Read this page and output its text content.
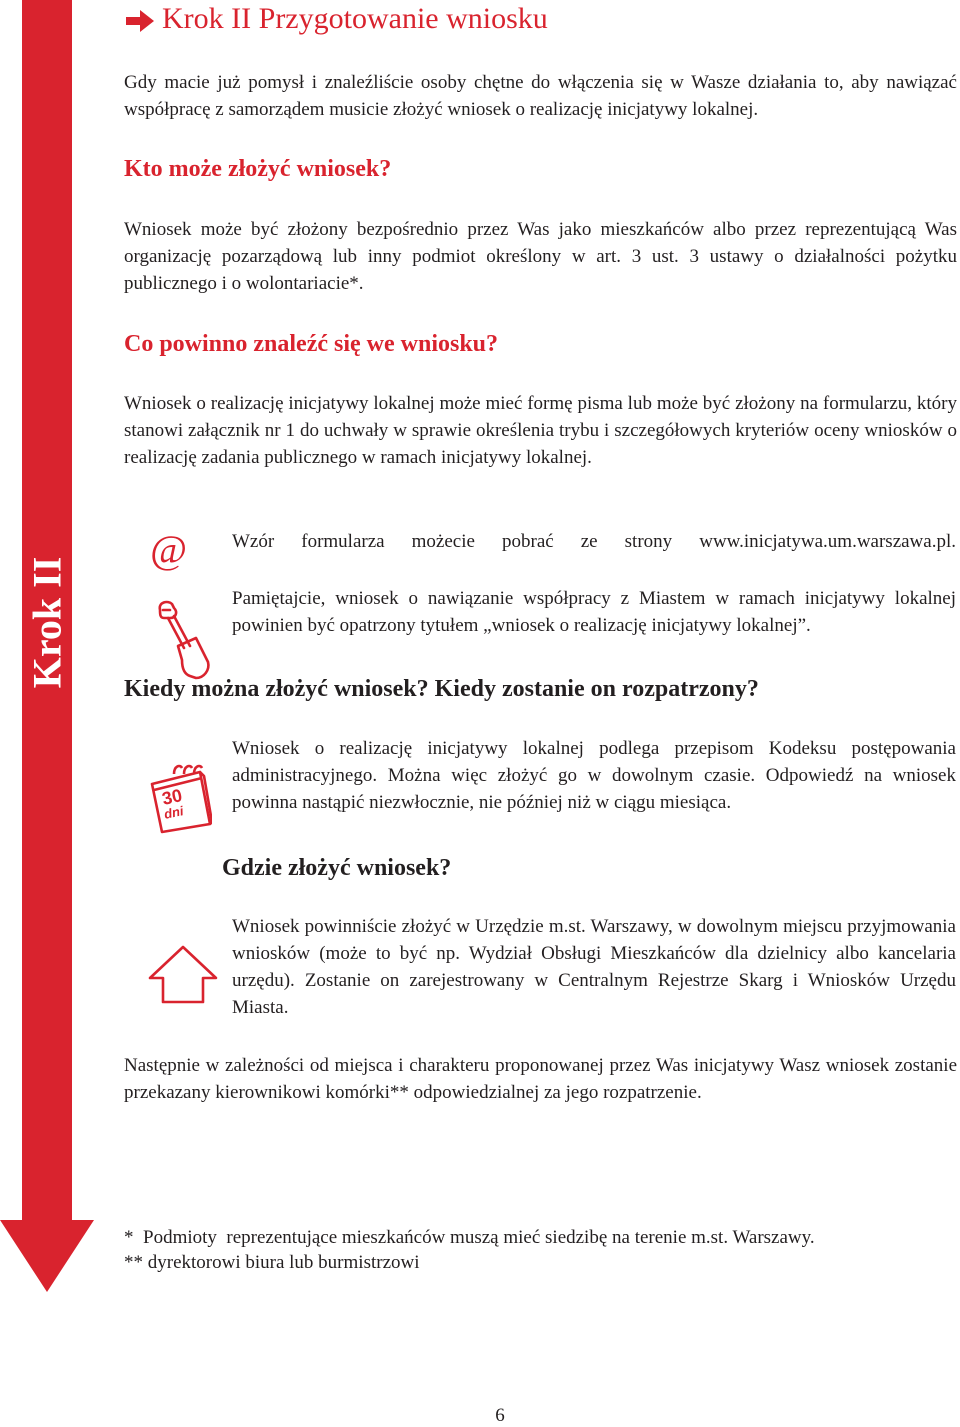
Krok II
Krok II Przygotowanie wniosku
Gdy macie już pomysł i znaleźliście osoby chętne do włączenia się w Wasze działania to, aby nawiązać współpracę z samorządem musicie złożyć wniosek o realizację inicjatywy lokalnej.
Kto może złożyć wniosek?
Wniosek może być złożony bezpośrednio przez Was jako mieszkańców albo przez reprezentującą Was organizację pozarządową lub inny podmiot określony w art. 3 ust. 3 ustawy o działalności pożytku publicznego i o wolontariacie*.
Co powinno znaleźć się we wniosku?
Wniosek o realizację inicjatywy lokalnej może mieć formę pisma lub może być złożony na formularzu, który stanowi załącznik nr 1 do uchwały w sprawie określenia trybu i szczegółowych kryteriów oceny wniosków o realizację zadania publicznego w ramach inicjatywy lokalnej.
@ Wzór formularza możecie pobrać ze strony www.inicjatywa.um.warszawa.pl.
Pamiętajcie, wniosek o nawiązanie współpracy z Miastem w ramach inicjatywy lokalnej powinien być opatrzony tytułem „wniosek o realizację inicjatywy lokalnej”.
Kiedy można złożyć wniosek? Kiedy zostanie on rozpatrzony?
30
dni
Wniosek o realizację inicjatywy lokalnej podlega przepisom Kodeksu postępowania administracyjnego. Można więc złożyć go w dowolnym czasie. Odpowiedź na wniosek powinna nastąpić niezwłocznie, nie później niż w ciągu miesiąca.
Gdzie złożyć wniosek?
Wniosek powinniście złożyć w Urzędzie m.st. Warszawy, w dowolnym miejscu przyjmowania wniosków (może to być np. Wydział Obsługi Mieszkańców dla dzielnicy albo kancelaria urzędu). Zostanie on zarejestrowany w Centralnym Rejestrze Skarg i Wniosków Urzędu Miasta.
Następnie w zależności od miejsca i charakteru proponowanej przez Was inicjatywy Wasz wniosek zostanie przekazany kierownikowi komórki** odpowiedzialnej za jego rozpatrzenie.
*  Podmioty  reprezentujące mieszkańców muszą mieć siedzibę na terenie m.st. Warszawy.
** dyrektorowi biura lub burmistrzowi
6
